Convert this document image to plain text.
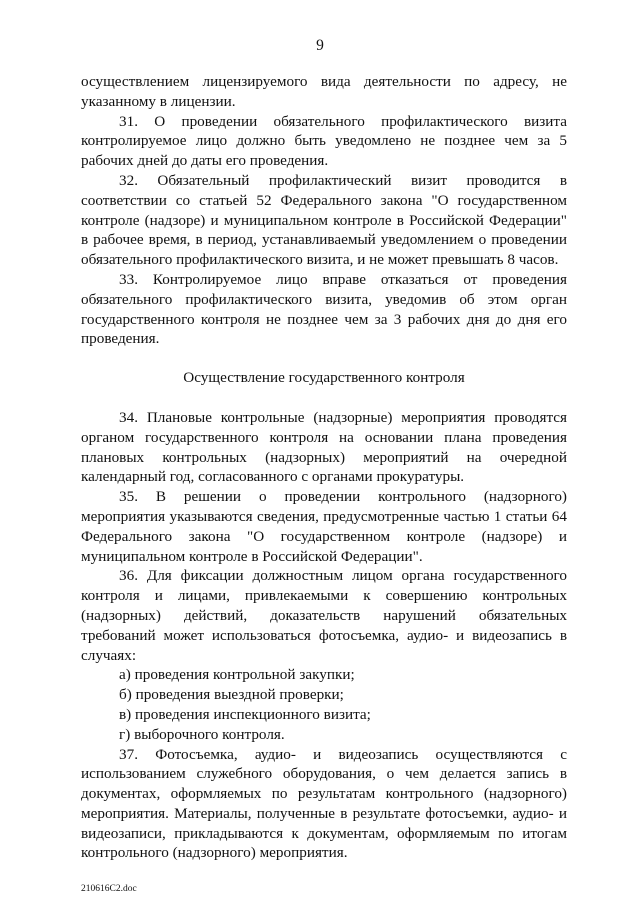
9

осуществлением лицензируемого вида деятельности по адресу, не указанному в лицензии.

31. О проведении обязательного профилактического визита контролируемое лицо должно быть уведомлено не позднее чем за 5 рабочих дней до даты его проведения.

32. Обязательный профилактический визит проводится в соответствии со статьей 52 Федерального закона "О государственном контроле (надзоре) и муниципальном контроле в Российской Федерации" в рабочее время, в период, устанавливаемый уведомлением о проведении обязательного профилактического визита, и не может превышать 8 часов.

33. Контролируемое лицо вправе отказаться от проведения обязательного профилактического визита, уведомив об этом орган государственного контроля не позднее чем за 3 рабочих дня до дня его проведения.

Осуществление государственного контроля

34. Плановые контрольные (надзорные) мероприятия проводятся органом государственного контроля на основании плана проведения плановых контрольных (надзорных) мероприятий на очередной календарный год, согласованного с органами прокуратуры.

35. В решении о проведении контрольного (надзорного) мероприятия указываются сведения, предусмотренные частью 1 статьи 64 Федерального закона "О государственном контроле (надзоре) и муниципальном контроле в Российской Федерации".

36. Для фиксации должностным лицом органа государственного контроля и лицами, привлекаемыми к совершению контрольных (надзорных) действий, доказательств нарушений обязательных требований может использоваться фотосъемка, аудио- и видеозапись в случаях:

а) проведения контрольной закупки;

б) проведения выездной проверки;

в) проведения инспекционного визита;

г) выборочного контроля.

37. Фотосъемка, аудио- и видеозапись осуществляются с использованием служебного оборудования, о чем делается запись в документах, оформляемых по результатам контрольного (надзорного) мероприятия. Материалы, полученные в результате фотосъемки, аудио- и видеозаписи, прикладываются к документам, оформляемым по итогам контрольного (надзорного) мероприятия.

210616С2.doc
